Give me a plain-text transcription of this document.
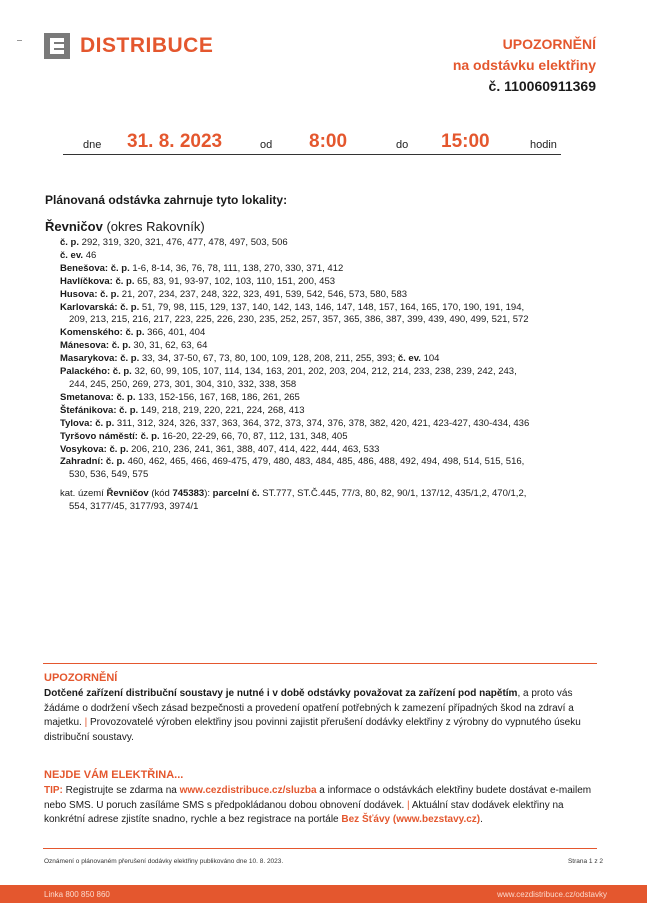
DISTRIBUCE	UPOZORNĚNÍ
na odstávku elektřiny
č. 110060911369
dne 31. 8. 2023	od 8:00	do 15:00	hodin
Plánovaná odstávka zahrnuje tyto lokality:
Řevničov (okres Rakovník)
č. p. 292, 319, 320, 321, 476, 477, 478, 497, 503, 506
č. ev. 46
Benešova: č. p. 1-6, 8-14, 36, 76, 78, 111, 138, 270, 330, 371, 412
Havlíčkova: č. p. 65, 83, 91, 93-97, 102, 103, 110, 151, 200, 453
Husova: č. p. 21, 207, 234, 237, 248, 322, 323, 491, 539, 542, 546, 573, 580, 583
Karlovarská: č. p. 51, 79, 98, 115, 129, 137, 140, 142, 143, 146, 147, 148, 157, 164, 165, 170, 190, 191, 194,
209, 213, 215, 216, 217, 223, 225, 226, 230, 235, 252, 257, 357, 365, 386, 387, 399, 439, 490, 499, 521, 572
Komenského: č. p. 366, 401, 404
Mánesova: č. p. 30, 31, 62, 63, 64
Masarykova: č. p. 33, 34, 37-50, 67, 73, 80, 100, 109, 128, 208, 211, 255, 393; č. ev. 104
Palackého: č. p. 32, 60, 99, 105, 107, 114, 134, 163, 201, 202, 203, 204, 212, 214, 233, 238, 239, 242, 243,
244, 245, 250, 269, 273, 301, 304, 310, 332, 338, 358
Smetanova: č. p. 133, 152-156, 167, 168, 186, 261, 265
Štefánikova: č. p. 149, 218, 219, 220, 221, 224, 268, 413
Tylova: č. p. 311, 312, 324, 326, 337, 363, 364, 372, 373, 374, 376, 378, 382, 420, 421, 423-427, 430-434, 436
Tyršovo náměstí: č. p. 16-20, 22-29, 66, 70, 87, 112, 131, 348, 405
Vosykova: č. p. 206, 210, 236, 241, 361, 388, 407, 414, 422, 444, 463, 533
Zahradní: č. p. 460, 462, 465, 466, 469-475, 479, 480, 483, 484, 485, 486, 488, 492, 494, 498, 514, 515, 516,
530, 536, 549, 575
kat. území Řevničov (kód 745383): parcelní č. ST.777, ST.Č.445, 77/3, 80, 82, 90/1, 137/12, 435/1,2, 470/1,2,
554, 3177/45, 3177/93, 3974/1
UPOZORNĚNÍ
Dotčené zařízení distribuční soustavy je nutné i v době odstávky považovat za zařízení pod napětím, a proto vás žádáme o dodržení všech zásad bezpečnosti a provedení opatření potřebných k zamezení případných škod na zdraví a majetku. | Provozovatelé výroben elektřiny jsou povinni zajistit přerušení dodávky elektřiny z výrobny do vypnutého úseku distribuční soustavy.
NEJDE VÁM ELEKTŘINA...
TIP: Registrujte se zdarma na www.cezdistribuce.cz/sluzba a informace o odstávkách elektřiny budete dostávat e-mailem nebo SMS. U poruch zasíláme SMS s předpokládanou dobou obnovení dodávek. | Aktuální stav dodávek elektřiny na konkrétní adrese zjistíte snadno, rychle a bez registrace na portále Bez Šťávy (www.bezstavy.cz).
Oznámení o plánovaném přerušení dodávky elektřiny publikováno dne 10. 8. 2023.	Strana 1 z 2
Linka 800 850 860	www.cezdistribuce.cz/odstavky
